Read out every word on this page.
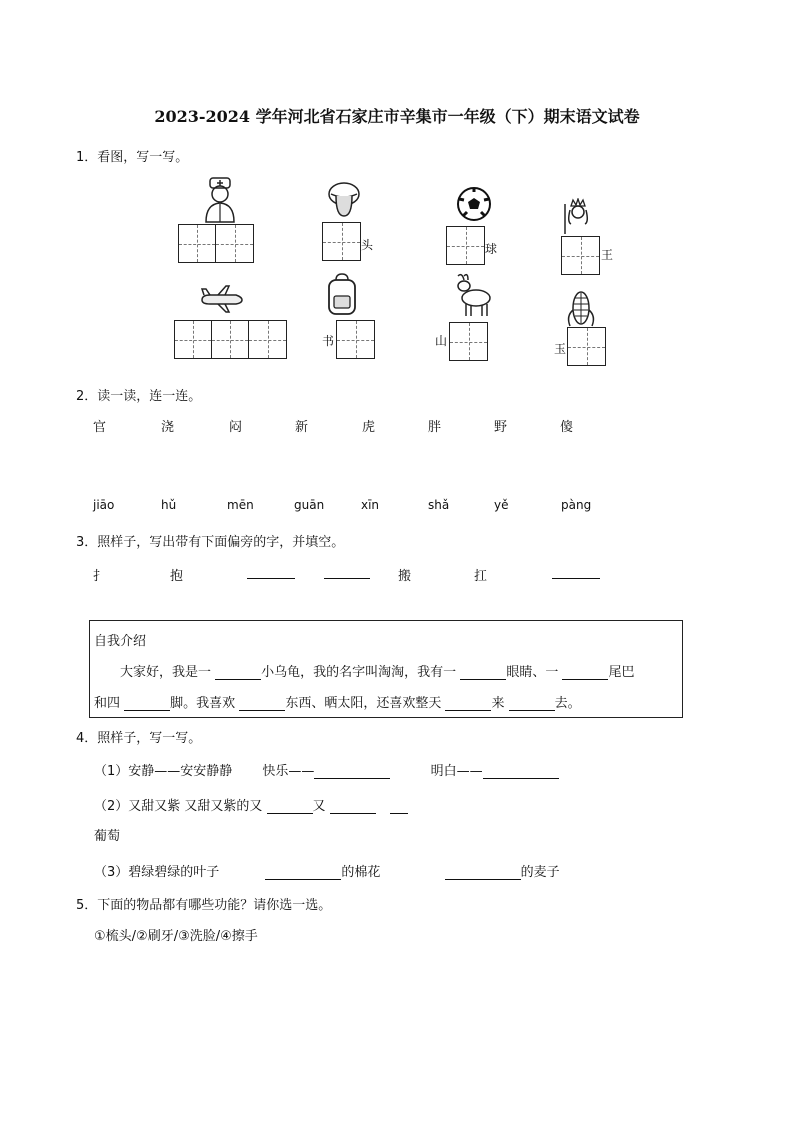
2023-2024 学年河北省石家庄市辛集市一年级（下）期末语文试卷
1．看图，写一写。
头	球	王
书	山
玉
2．读一读，连一连。
官	浇	闷	新	虎	胖	野	傻
jiāo	hǔ	mēn	guān	xīn	shǎ	yě	pàng
3．照样子，写出带有下面偏旁的字，并填空。
扌	抱	搬	扛
自我介绍
大家好，我是一	小乌龟，我的名字叫淘淘，我有一	眼睛、一	尾巴
和四	脚。我喜欢	东西、晒太阳，还喜欢整天	来	去。
4．照样子，写一写。
（1）安静——安安静静 快乐——	明白——
（2）又甜又紫 又甜又紫的又	又
葡萄
（3）碧绿碧绿的叶子	的棉花	的麦子
5．下面的物品都有哪些功能？请你选一选。
①梳头/②刷牙/③洗脸/④擦手
